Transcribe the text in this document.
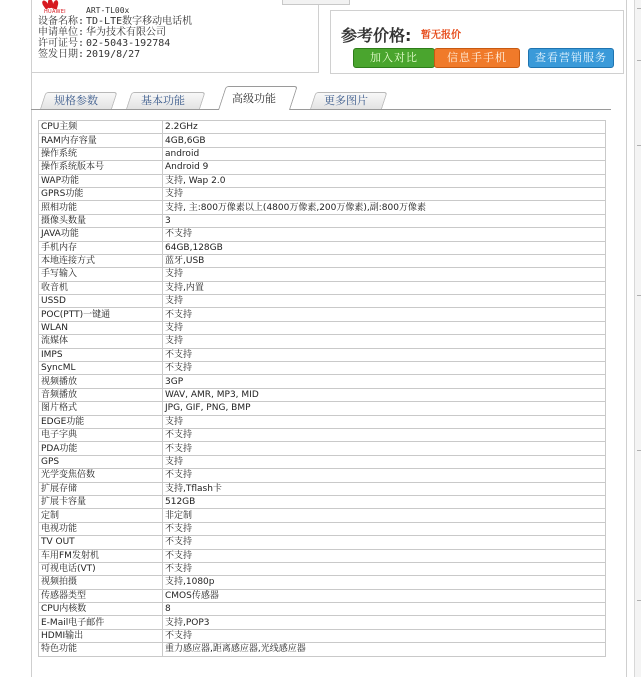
HUAWEI	ART-TL00x
设备名称: TD-LTE数字移动电话机
申请单位: 华为技术有限公司
许可证号: 02-5043-192784
签发日期: 2019/8/27
参考价格: 暂无报价
加入对比	信息手手机	查看营销服务
规格参数	基本功能	高级功能	更多图片
CPU主频	2.2GHz
RAM内存容量	4GB,6GB
操作系统	android
操作系统版本号	Android 9
WAP功能	支持, Wap 2.0
GPRS功能	支持
照相功能	支持, 主:800万像素以上(4800万像素,200万像素),副:800万像素
摄像头数量	3
JAVA功能	不支持
手机内存	64GB,128GB
本地连接方式	蓝牙,USB
手写输入	支持
收音机	支持,内置
USSD	支持
POC(PTT)一键通	不支持
WLAN	支持
流媒体	支持
IMPS	不支持
SyncML	不支持
视频播放	3GP
音频播放	WAV, AMR, MP3, MID
图片格式	JPG, GIF, PNG, BMP
EDGE功能	支持
电子字典	不支持
PDA功能	不支持
GPS	支持
光学变焦倍数	不支持
扩展存储	支持,Tflash卡
扩展卡容量	512GB
定制	非定制
电视功能	不支持
TV OUT	不支持
车用FM发射机	不支持
可视电话(VT)	不支持
视频拍摄	支持,1080p
传感器类型	CMOS传感器
CPU内核数	8
E-Mail电子邮件	支持,POP3
HDMI输出	不支持
特色功能	重力感应器,距离感应器,光线感应器
